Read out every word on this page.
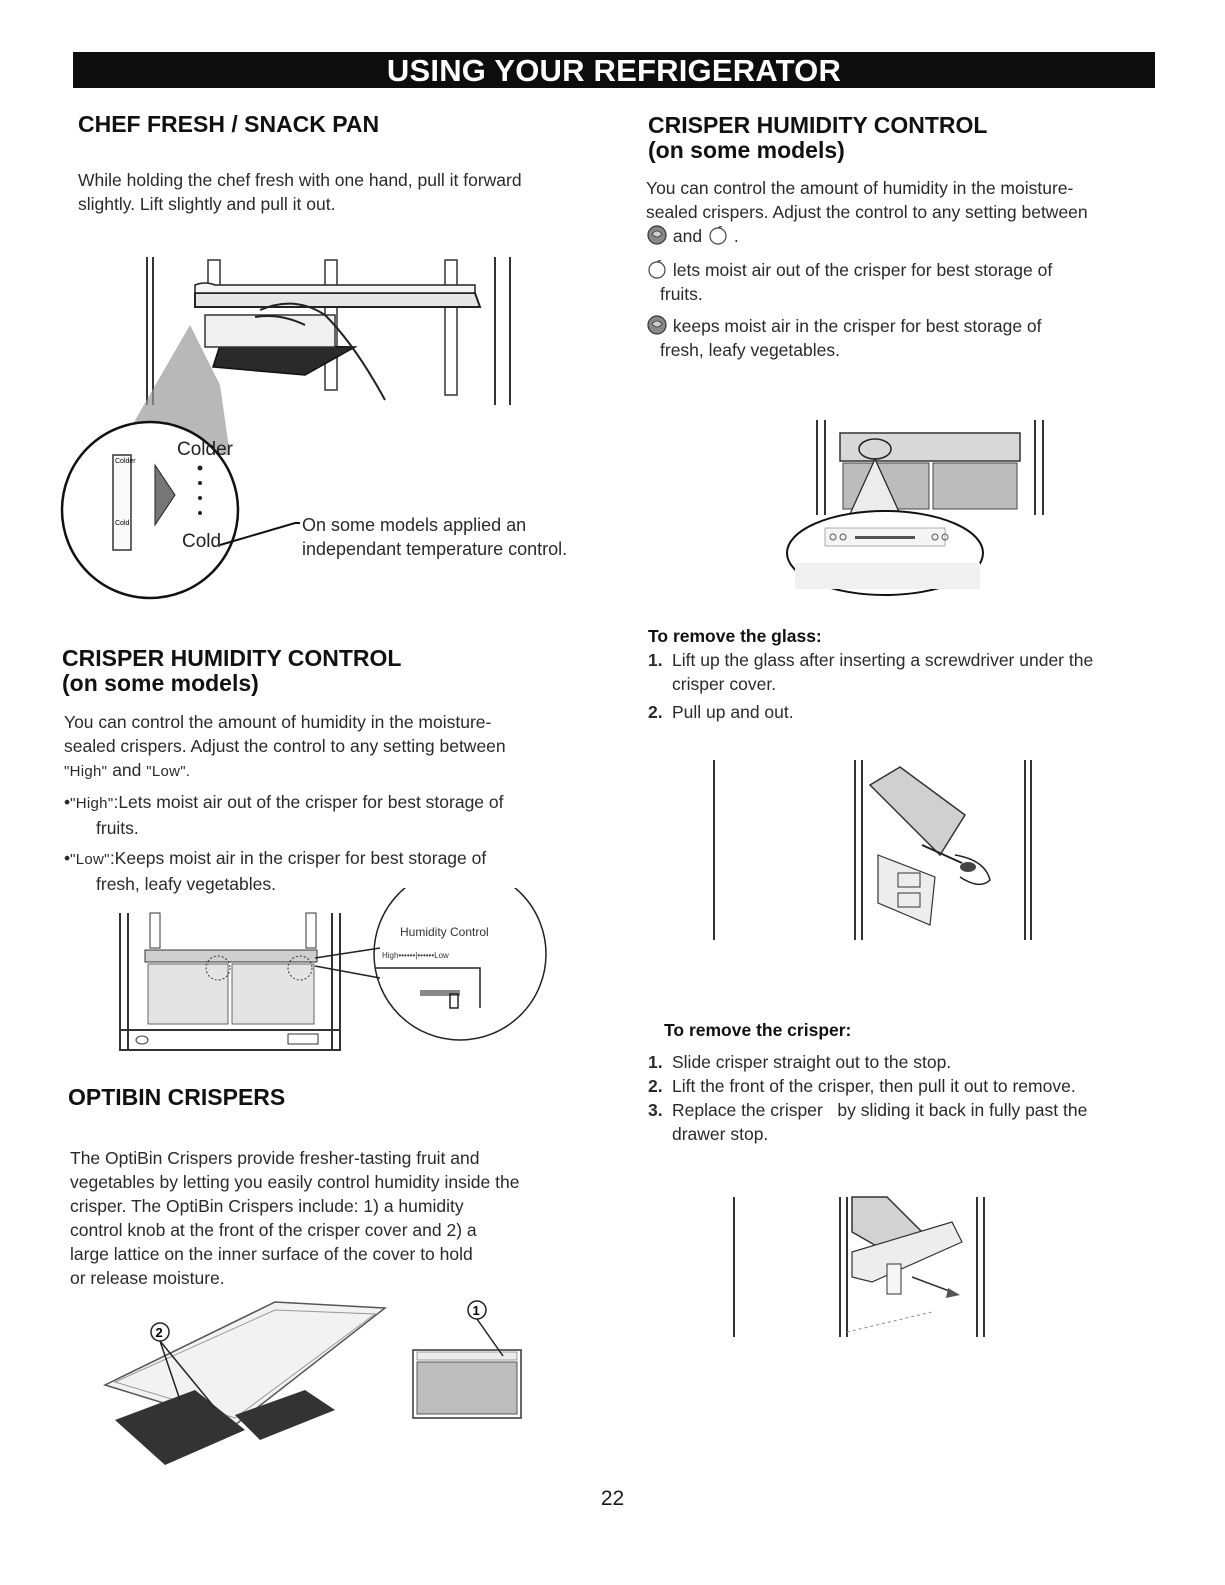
USING YOUR REFRIGERATOR
CHEF FRESH / SNACK PAN
While holding the chef fresh with one hand, pull it forward
slightly. Lift slightly and pull it out.
Colder
Cold
Colder
Cold
On some models applied an
independant temperature control.
CRISPER HUMIDITY CONTROL
(on some models)
You can control the amount of humidity in the moisture-
sealed crispers. Adjust the control to any setting between
"High" and "Low".
•"High":Lets moist air out of the crisper for best storage of
fruits.
•"Low":Keeps moist air in the crisper for best storage of
fresh, leafy vegetables.
Humidity Control
High••••••|••••••Low
OPTIBIN CRISPERS
The OptiBin Crispers provide fresher-tasting fruit and
vegetables by letting you easily control humidity inside the
crisper. The OptiBin Crispers include: 1) a humidity
control knob at the front of the crisper cover and 2) a
large lattice on the inner surface of the cover to hold
or release moisture.
2
1
CRISPER HUMIDITY CONTROL
(on some models)
You can control the amount of humidity in the moisture-
sealed crispers. Adjust the control to any setting between
and .
lets moist air out of the crisper for best storage of
fruits.
keeps moist air in the crisper for best storage of
fresh, leafy vegetables.
To remove the glass:
1. Lift up the glass after inserting a screwdriver under the
crisper cover.
2. Pull up and out.
To remove the crisper:
1. Slide crisper straight out to the stop.
2. Lift the front of the crisper, then pull it out to remove.
3. Replace the crisper   by sliding it back in fully past the
drawer stop.
22
